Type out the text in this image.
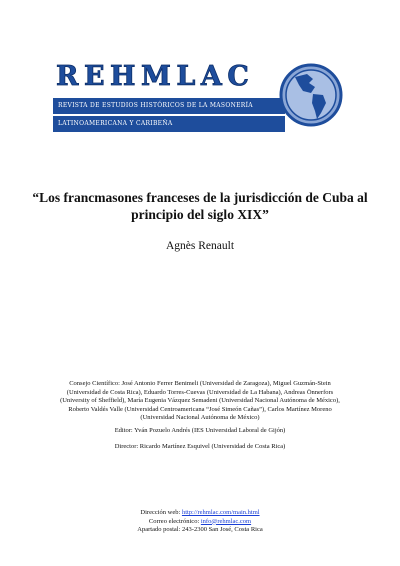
REHMLAC
REVISTA DE ESTUDIOS HISTÓRICOS DE LA MASONERÍA
LATINOAMERICANA Y CARIBEÑA
“Los francmasones franceses de la jurisdicción de Cuba al
principio del siglo XIX”
Agnès Renault
Consejo Científico: José Antonio Ferrer Benimeli (Universidad de Zaragoza), Miguel Guzmán-Stein
(Universidad de Costa Rica), Eduardo Torres-Cuevas (Universidad de La Habana), Andreas Önnerfors
(University of Sheffield), María Eugenia Vázquez Semadeni (Universidad Nacional Autónoma de México),
Roberto Valdés Valle (Universidad Centroamericana “José Simeón Cañas”), Carlos Martínez Moreno
(Universidad Nacional Autónoma de México)
Editor: Yván Pozuelo Andrés (IES Universidad Laboral de Gijón)
Director: Ricardo Martínez Esquivel (Universidad de Costa Rica)
Dirección web: http://rehmlac.com/main.html
Correo electrónico: info@rehmlac.com
Apartado postal: 243-2300 San José, Costa Rica
